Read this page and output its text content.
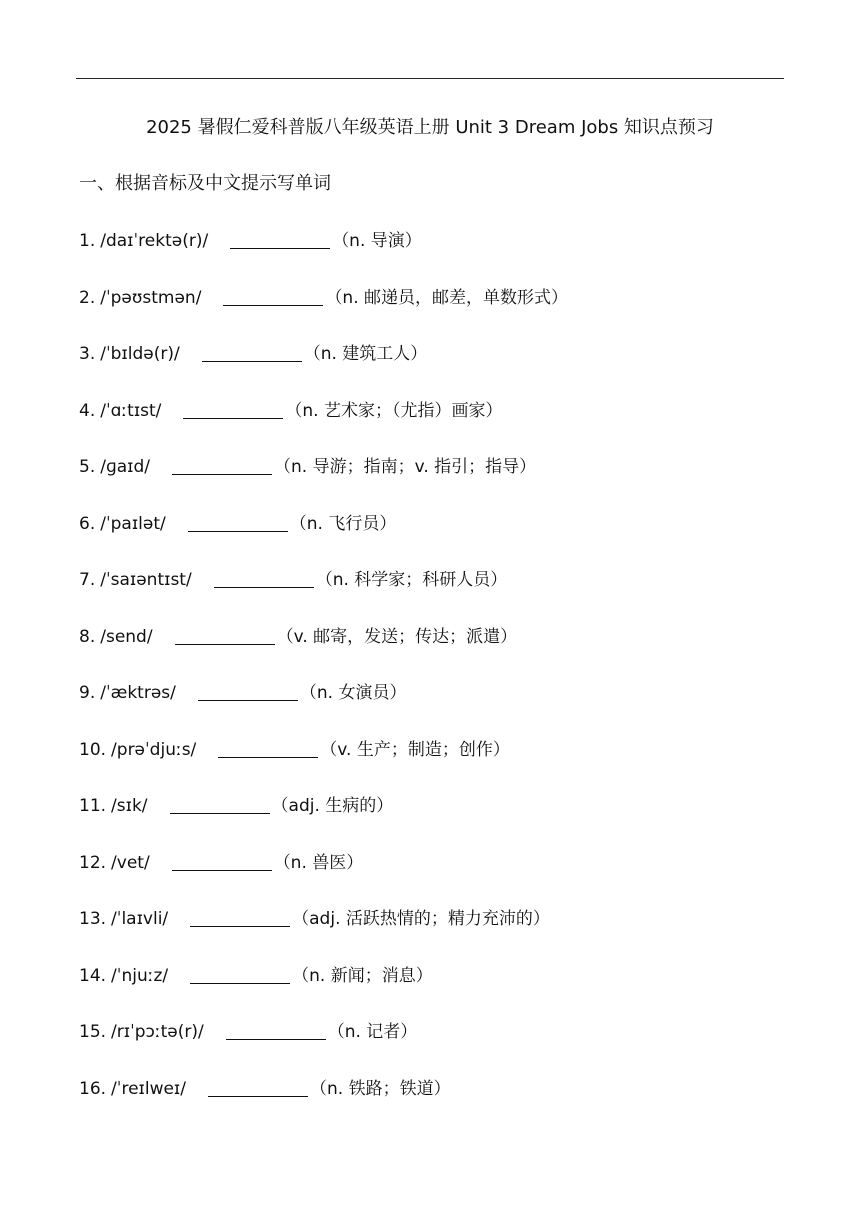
2025 暑假仁爱科普版八年级英语上册 Unit 3 Dream Jobs 知识点预习
一、根据音标及中文提示写单词
1. /daɪˈrektə(r)/	（n. 导演）
2. /ˈpəʊstmən/	（n. 邮递员，邮差，单数形式）
3. /ˈbɪldə(r)/	（n. 建筑工人）
4. /ˈɑːtɪst/	（n. 艺术家；（尤指）画家）
5. /ɡaɪd/	（n. 导游；指南；v. 指引；指导）
6. /ˈpaɪlət/	（n. 飞行员）
7. /ˈsaɪəntɪst/	（n. 科学家；科研人员）
8. /send/	（v. 邮寄，发送；传达；派遣）
9. /ˈæktrəs/	（n. 女演员）
10. /prəˈdjuːs/	（v. 生产；制造；创作）
11. /sɪk/	（adj. 生病的）
12. /vet/	（n. 兽医）
13. /ˈlaɪvli/	（adj. 活跃热情的；精力充沛的）
14. /ˈnjuːz/	（n. 新闻；消息）
15. /rɪˈpɔːtə(r)/	（n. 记者）
16. /ˈreɪlweɪ/	（n. 铁路；铁道）
